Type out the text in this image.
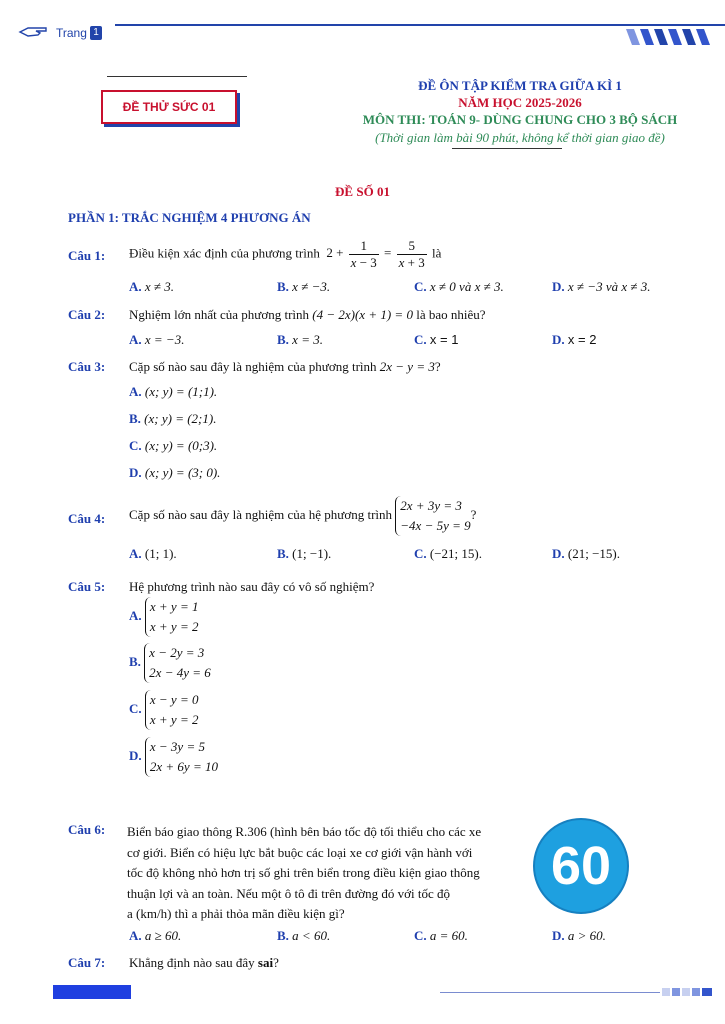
Trang 1
ĐỀ THỬ SỨC 01
ĐỀ ÔN TẬP KIỂM TRA GIỮA KÌ 1
NĂM HỌC 2025-2026
MÔN THI: TOÁN 9- DÙNG CHUNG CHO 3 BỘ SÁCH
(Thời gian làm bài 90 phút, không kể thời gian giao đề)
ĐỀ SỐ 01
PHẦN 1: TRẮC NGHIỆM 4 PHƯƠNG ÁN
Câu 1: Điều kiện xác định của phương trình  $2 + \frac{1}{x - 3} = \frac{5}{x + 3}$ là
A. x ≠ 3.	B. x ≠ −3.	C. x ≠ 0 và x ≠ 3.	D. x ≠ −3 và x ≠ 3.
Câu 2: Nghiệm lớn nhất của phương trình (4 − 2x)(x + 1) = 0 là bao nhiêu?
A. x = −3.	B. x = 3.	C. x = 1	D. x = 2
Câu 3: Cặp số nào sau đây là nghiệm của phương trình 2x − y = 3?
A. (x; y) = (1;1).
B. (x; y) = (2;1).
C. (x; y) = (0;3).
D. (x; y) = (3; 0).
Câu 4: Cặp số nào sau đây là nghiệm của hệ phương trình
2x + 3y = 3
−4x − 5y = 9
?
A. (1; 1).	B. (1; −1).	C. (−21; 15).	D. (21; −15).
Câu 5: Hệ phương trình nào sau đây có vô số nghiệm?
A.
x + y = 1
x + y = 2
B.
x − 2y = 3
2x − 4y = 6
C.
x − y = 0
x + y = 2
D.
x − 3y = 5
2x + 6y = 10
Câu 6: Biển báo giao thông R.306 (hình bên báo tốc độ tối thiểu cho các xe
cơ giới. Biển có hiệu lực bắt buộc các loại xe cơ giới vận hành với
tốc độ không nhỏ hơn trị số ghi trên biển trong điều kiện giao thông
thuận lợi và an toàn. Nếu một ô tô đi trên đường đó với tốc độ
a (km/h) thì a phải thỏa mãn điều kiện gì?
60
A. a ≥ 60.	B. a < 60.	C. a = 60.	D. a > 60.
Câu 7: Khẳng định nào sau đây sai?
